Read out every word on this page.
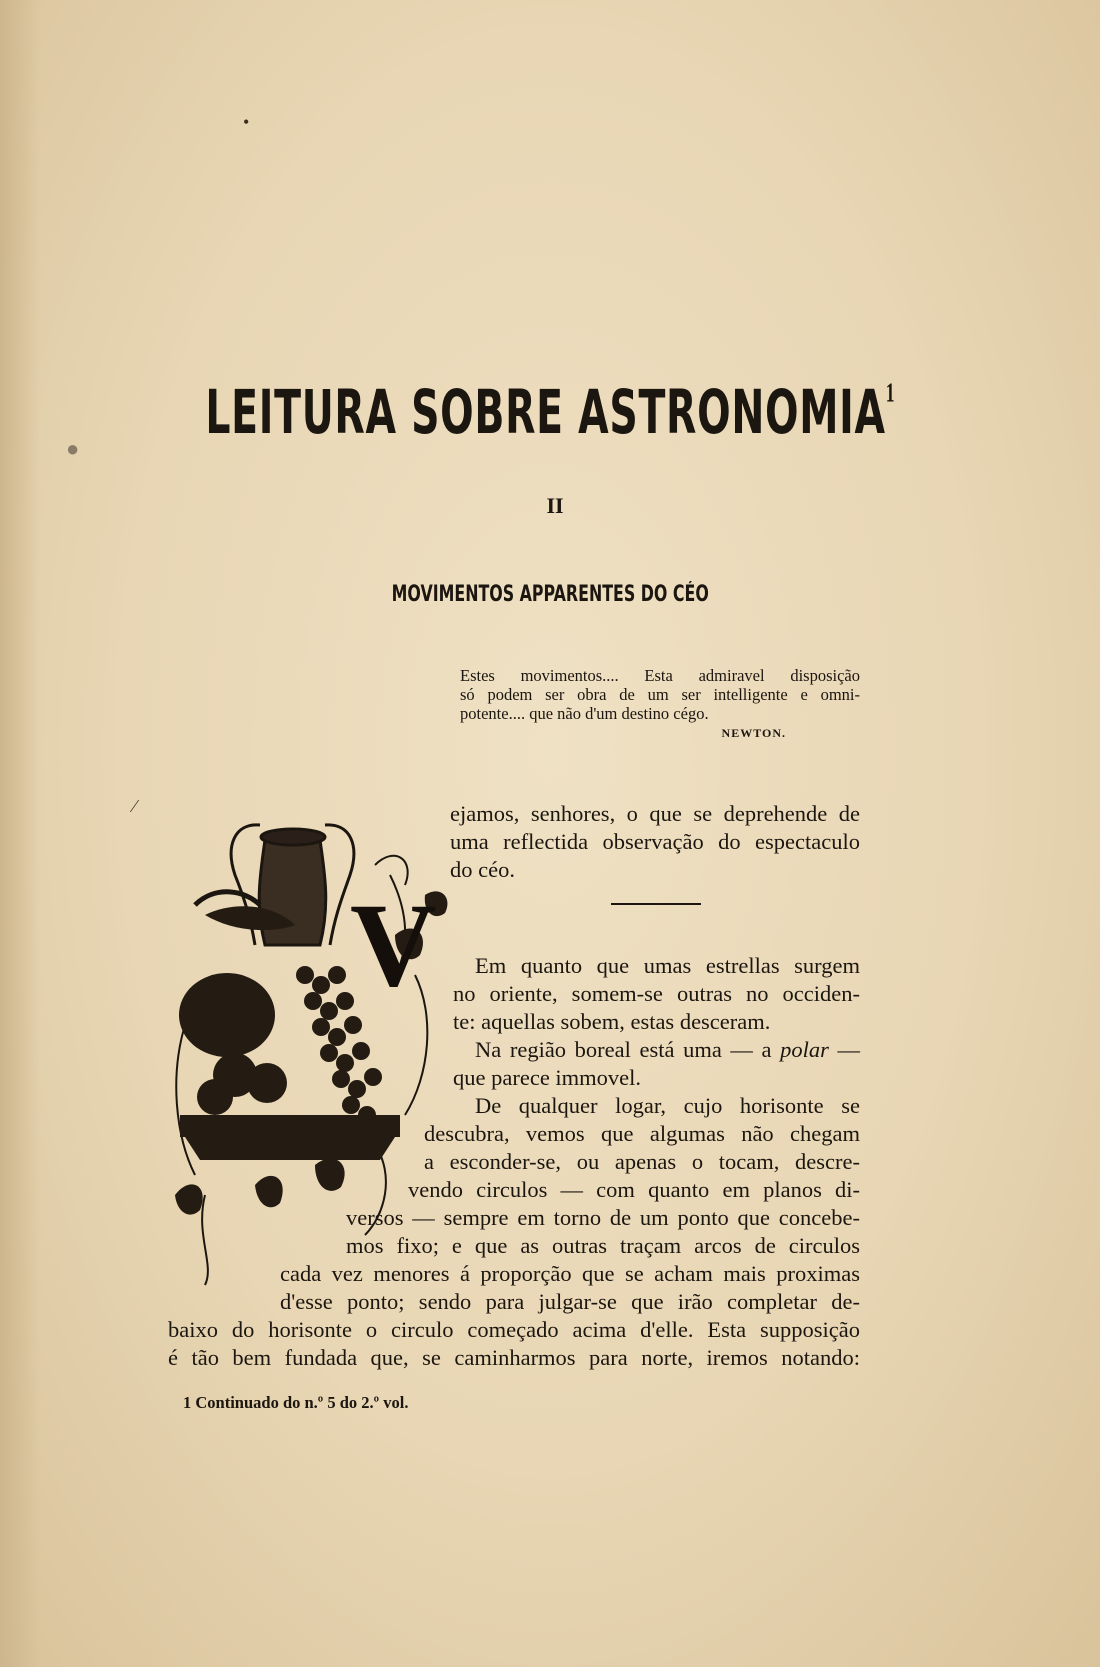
LEITURA SOBRE ASTRONOMIA$^1$
II
MOVIMENTOS APPARENTES DO CÉO
Estes movimentos.... Esta admiravel disposição
só podem ser obra de um ser intelligente e omni-
potente.... que não d'um destino cégo.
NEWTON.
V
ejamos, senhores, o que se deprehende de
uma reflectida observação do espectaculo
do céo.
Em quanto que umas estrellas surgem
no oriente, somem-se outras no occiden-
te: aquellas sobem, estas desceram.
Na região boreal está uma — a polar —
que parece immovel.
De qualquer logar, cujo horisonte se
descubra, vemos que algumas não chegam
a esconder-se, ou apenas o tocam, descre-
vendo circulos — com quanto em planos di-
versos — sempre em torno de um ponto que concebe-
mos fixo; e que as outras traçam arcos de circulos
cada vez menores á proporção que se acham mais proximas
d'esse ponto; sendo para julgar-se que irão completar de-
baixo do horisonte o circulo começado acima d'elle. Esta supposição
é tão bem fundada que, se caminharmos para norte, iremos notando:
1 Continuado do n.º 5 do 2.º vol.
•
●
⁄
